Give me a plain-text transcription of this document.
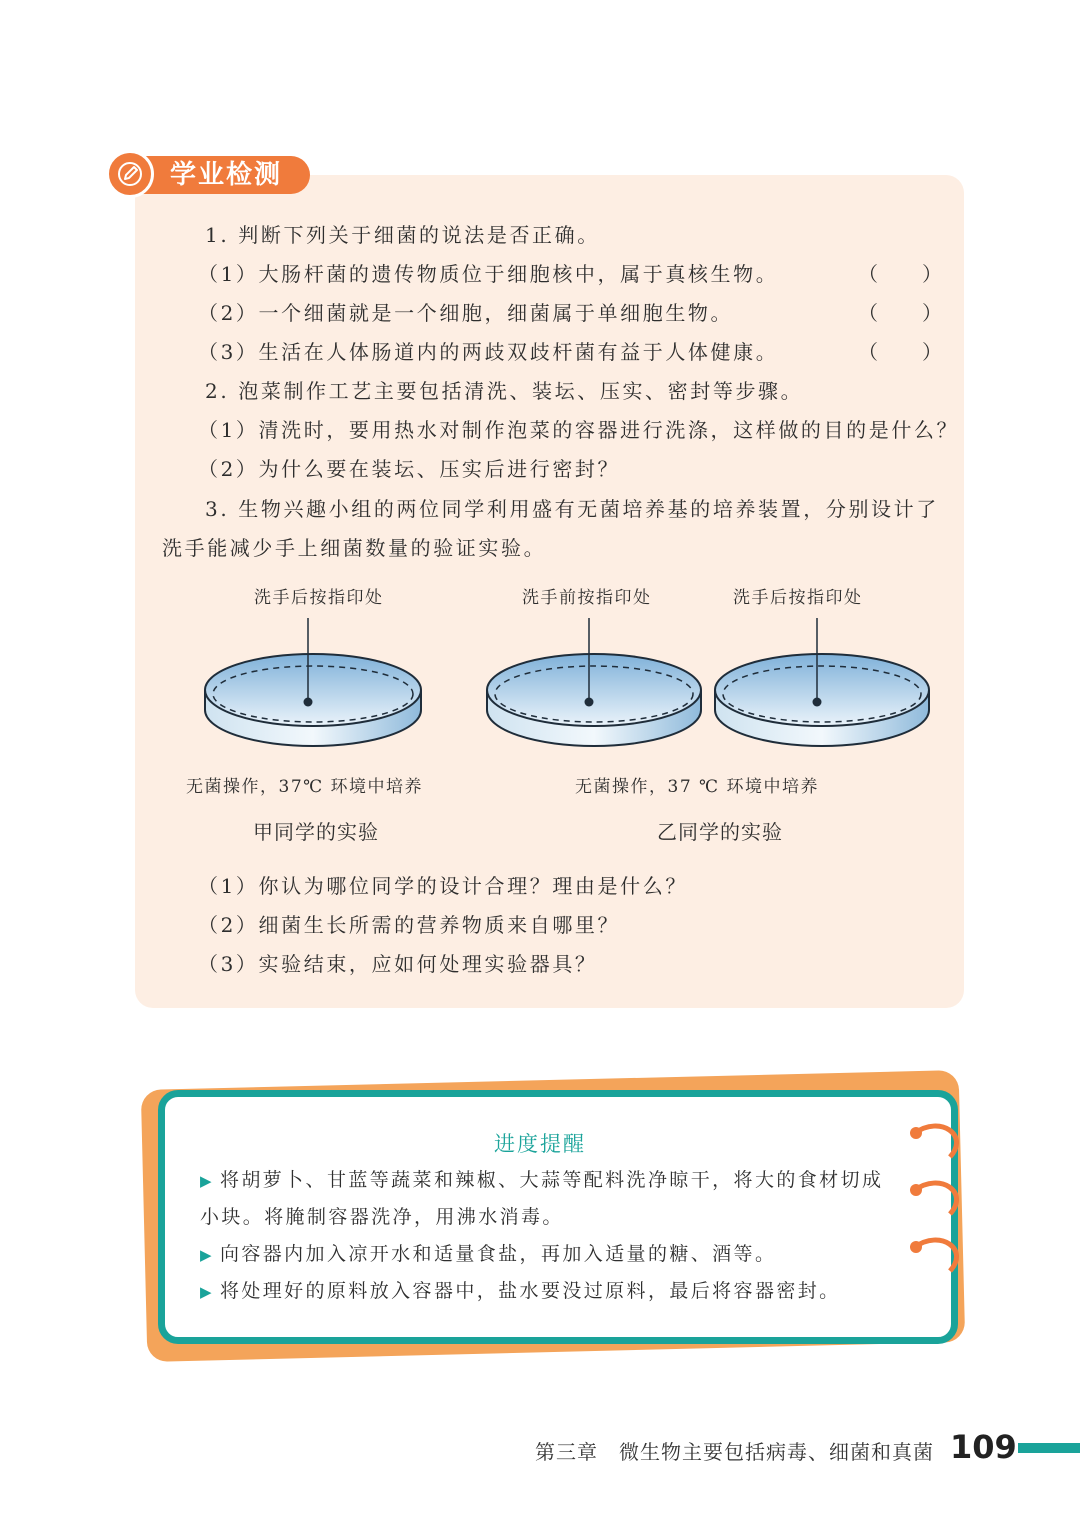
学业检测
1. 判断下列关于细菌的说法是否正确。
（1）大肠杆菌的遗传物质位于细胞核中，属于真核生物。
（2）一个细菌就是一个细胞，细菌属于单细胞生物。
（3）生活在人体肠道内的两歧双歧杆菌有益于人体健康。
（ ）
（ ）
（ ）
2. 泡菜制作工艺主要包括清洗、装坛、压实、密封等步骤。
（1）清洗时，要用热水对制作泡菜的容器进行洗涤，这样做的目的是什么？
（2）为什么要在装坛、压实后进行密封？
3. 生物兴趣小组的两位同学利用盛有无菌培养基的培养装置，分别设计了
洗手能减少手上细菌数量的验证实验。
洗手后按指印处	洗手前按指印处	洗手后按指印处
无菌操作，37℃ 环境中培养	无菌操作，37 ℃ 环境中培养
甲同学的实验	乙同学的实验
（1）你认为哪位同学的设计合理？理由是什么？
（2）细菌生长所需的营养物质来自哪里？
（3）实验结束，应如何处理实验器具？
进度提醒
▶ 将胡萝卜、甘蓝等蔬菜和辣椒、大蒜等配料洗净晾干，将大的食材切成
小块。将腌制容器洗净，用沸水消毒。
▶ 向容器内加入凉开水和适量食盐，再加入适量的糖、酒等。
▶ 将处理好的原料放入容器中，盐水要没过原料，最后将容器密封。
第三章　微生物主要包括病毒、细菌和真菌 109
